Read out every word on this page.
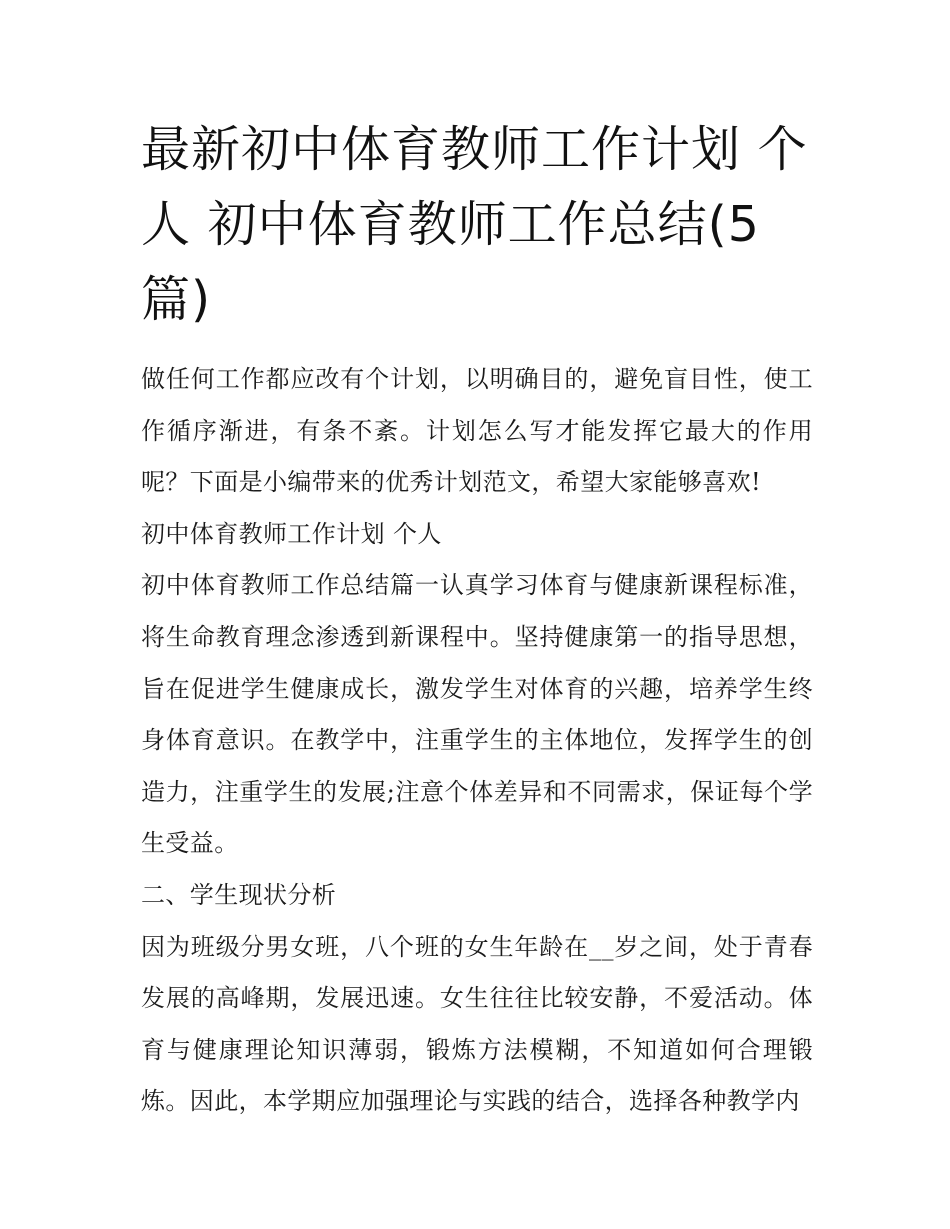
最新初中体育教师工作计划 个人 初中体育教师工作总结(5篇)

做任何工作都应改有个计划，以明确目的，避免盲目性，使工作循序渐进，有条不紊。计划怎么写才能发挥它最大的作用呢？下面是小编带来的优秀计划范文，希望大家能够喜欢!

初中体育教师工作计划 个人

初中体育教师工作总结篇一认真学习体育与健康新课程标准，将生命教育理念渗透到新课程中。坚持健康第一的指导思想，旨在促进学生健康成长，激发学生对体育的兴趣，培养学生终身体育意识。在教学中，注重学生的主体地位，发挥学生的创造力，注重学生的发展;注意个体差异和不同需求，保证每个学生受益。

二、学生现状分析

因为班级分男女班，八个班的女生年龄在__岁之间，处于青春发展的高峰期，发展迅速。女生往往比较安静，不爱活动。体育与健康理论知识薄弱，锻炼方法模糊，不知道如何合理锻炼。因此，本学期应加强理论与实践的结合，选择各种教学内
